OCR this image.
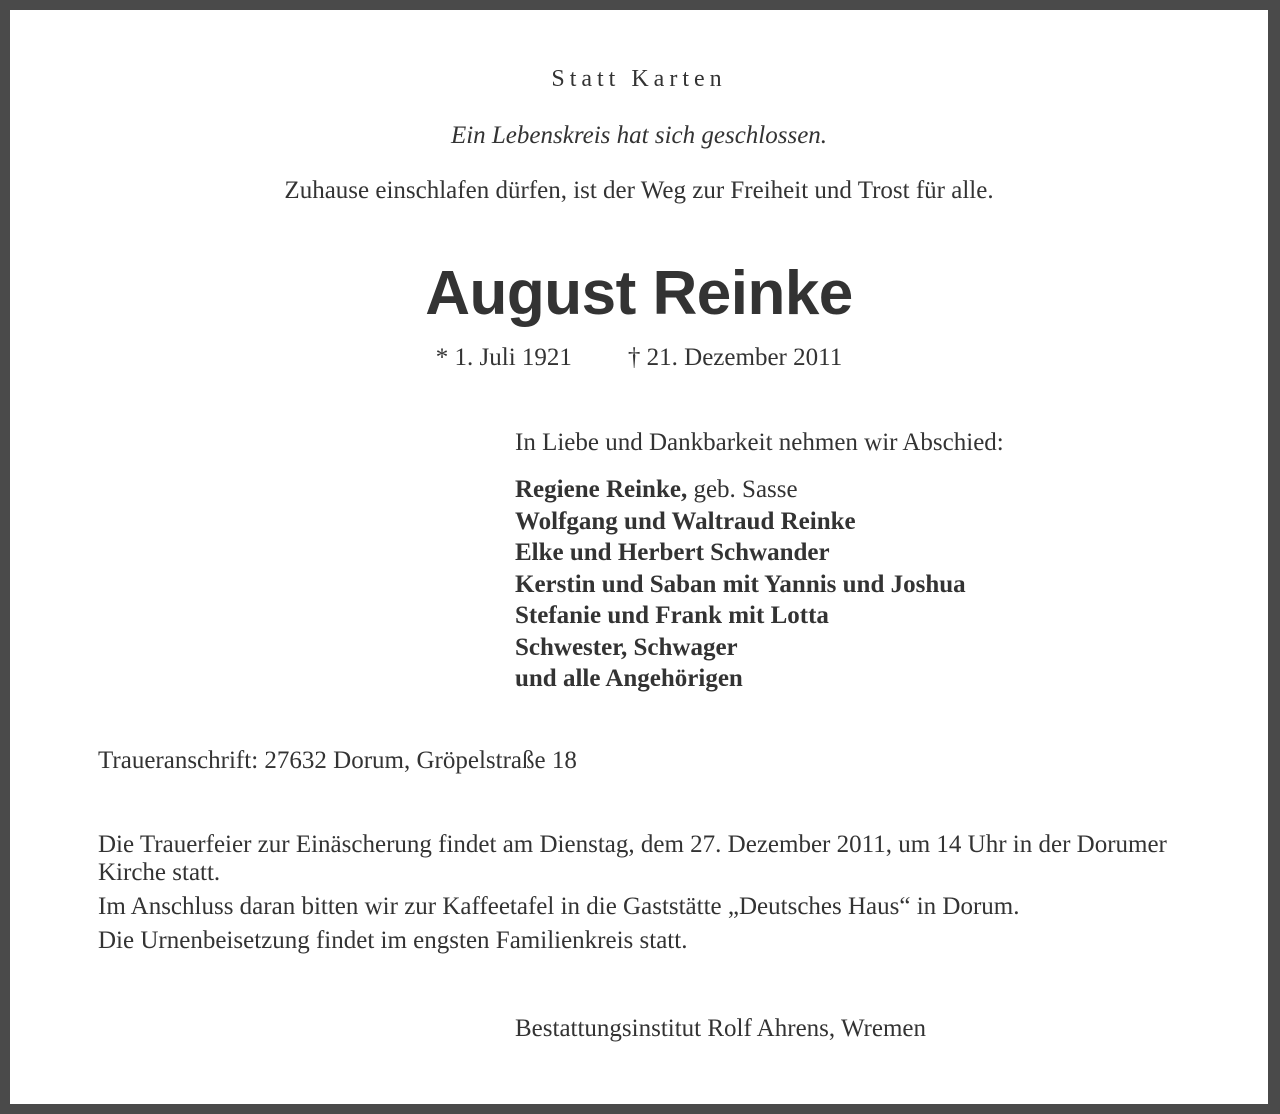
Statt Karten
Ein Lebenskreis hat sich geschlossen.
Zuhause einschlafen dürfen, ist der Weg zur Freiheit und Trost für alle.
August Reinke
* 1. Juli 1921 † 21. Dezember 2011
In Liebe und Dankbarkeit nehmen wir Abschied:
Regiene Reinke, geb. Sasse
Wolfgang und Waltraud Reinke
Elke und Herbert Schwander
Kerstin und Saban mit Yannis und Joshua
Stefanie und Frank mit Lotta
Schwester, Schwager
und alle Angehörigen
Traueranschrift: 27632 Dorum, Gröpelstraße 18

Die Trauerfeier zur Einäscherung findet am Dienstag, dem 27. Dezember 2011, um 14 Uhr in der Dorumer Kirche statt.

Im Anschluss daran bitten wir zur Kaffeetafel in die Gaststätte „Deutsches Haus“ in Dorum.

Die Urnenbeisetzung findet im engsten Familienkreis statt.

Bestattungsinstitut Rolf Ahrens, Wremen
